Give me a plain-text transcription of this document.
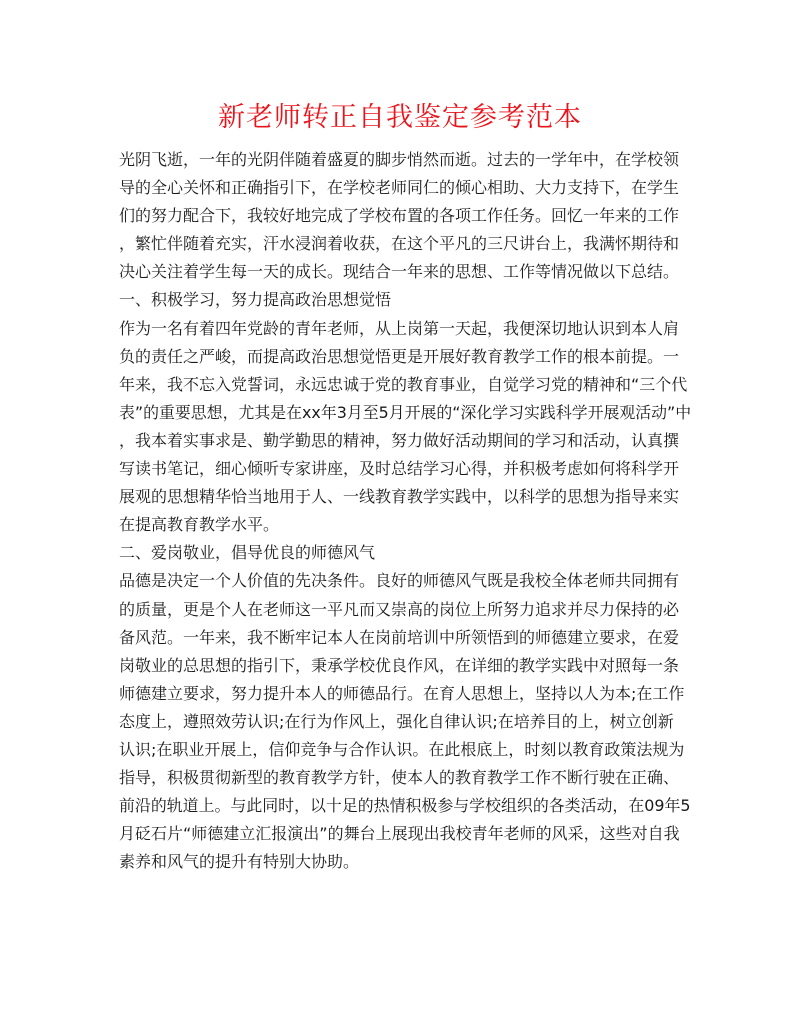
新老师转正自我鉴定参考范本
光阴飞逝，一年的光阴伴随着盛夏的脚步悄然而逝。过去的一学年中，在学校领
导的全心关怀和正确指引下，在学校老师同仁的倾心相助、大力支持下，在学生
们的努力配合下，我较好地完成了学校布置的各项工作任务。回忆一年来的工作
，繁忙伴随着充实，汗水浸润着收获，在这个平凡的三尺讲台上，我满怀期待和
决心关注着学生每一天的成长。现结合一年来的思想、工作等情况做以下总结。
一、积极学习，努力提高政治思想觉悟
作为一名有着四年党龄的青年老师，从上岗第一天起，我便深切地认识到本人肩
负的责任之严峻，而提高政治思想觉悟更是开展好教育教学工作的根本前提。一
年来，我不忘入党誓词，永远忠诚于党的教育事业，自觉学习党的精神和“三个代
表”的重要思想，尤其是在xx年3月至5月开展的“深化学习实践科学开展观活动”中
，我本着实事求是、勤学勤思的精神，努力做好活动期间的学习和活动，认真撰
写读书笔记，细心倾听专家讲座，及时总结学习心得，并积极考虑如何将科学开
展观的思想精华恰当地用于人、一线教育教学实践中，以科学的思想为指导来实
在提高教育教学水平。
二、爱岗敬业，倡导优良的师德风气
品德是决定一个人价值的先决条件。良好的师德风气既是我校全体老师共同拥有
的质量，更是个人在老师这一平凡而又崇高的岗位上所努力追求并尽力保持的必
备风范。一年来，我不断牢记本人在岗前培训中所领悟到的师德建立要求，在爱
岗敬业的总思想的指引下，秉承学校优良作风，在详细的教学实践中对照每一条
师德建立要求，努力提升本人的师德品行。在育人思想上，坚持以人为本;在工作
态度上，遵照效劳认识;在行为作风上，强化自律认识;在培养目的上，树立创新
认识;在职业开展上，信仰竞争与合作认识。在此根底上，时刻以教育政策法规为
指导，积极贯彻新型的教育教学方针，使本人的教育教学工作不断行驶在正确、
前沿的轨道上。与此同时，以十足的热情积极参与学校组织的各类活动，在09年5
月砭石片“师德建立汇报演出”的舞台上展现出我校青年老师的风采，这些对自我
素养和风气的提升有特别大协助。
